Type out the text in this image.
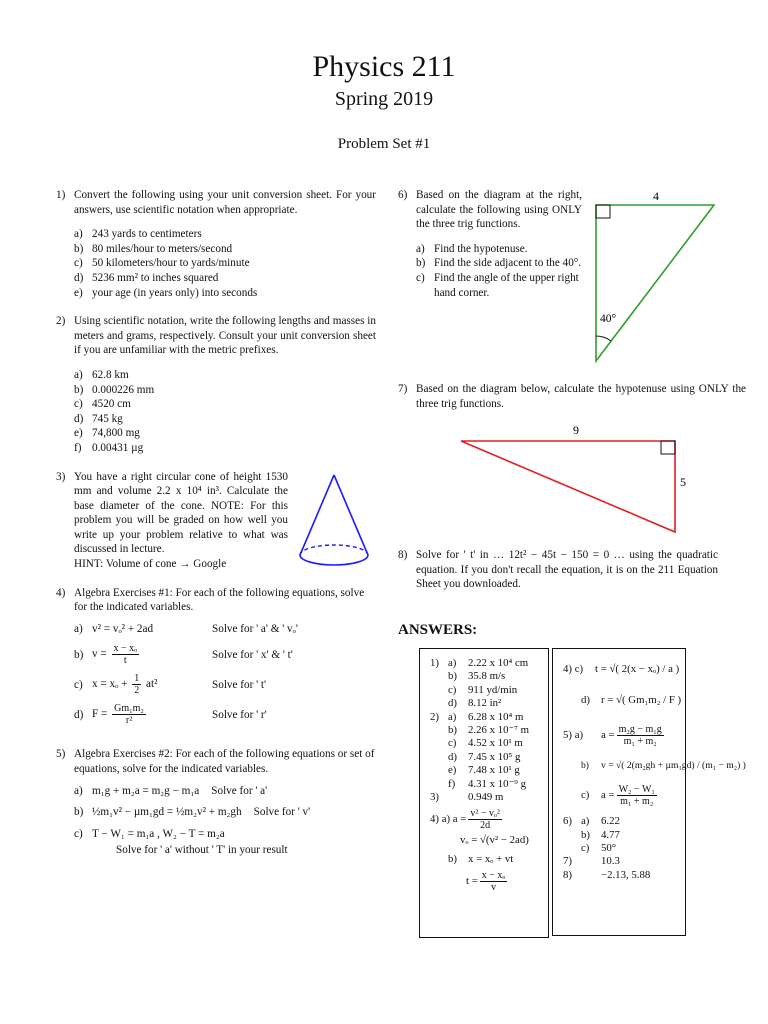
Physics 211
Spring 2019
Problem Set #1
1) Convert the following using your unit conversion sheet. For your answers, use scientific notation when appropriate.
a) 243 yards to centimeters
b) 80 miles/hour to meters/second
c) 50 kilometers/hour to yards/minute
d) 5236 mm² to inches squared
e) your age (in years only) into seconds
2) Using scientific notation, write the following lengths and masses in meters and grams, respectively. Consult your unit conversion sheet if you are unfamiliar with the metric prefixes.
a) 62.8 km
b) 0.000226 mm
c) 4520 cm
d) 745 kg
e) 74,800 mg
f) 0.00431 µg
3) You have a right circular cone of height 1530 mm and volume 2.2 x 10⁴ in³. Calculate the base diameter of the cone. NOTE: For this problem you will be graded on how well you write up your problem relative to what was discussed in lecture.
HINT: Volume of cone → Google
4) Algebra Exercises #1: For each of the following equations, solve for the indicated variables.
a) v² = vₒ² + 2ad	Solve for ' a' & ' vₒ'
b) $v = \frac{\text{x − xₒ}}{t}$	Solve for ' x' & ' t'
c) $x = x_o + \frac{1}{2} at^2$	Solve for ' t'
d) $F = \frac{\text{Gm₁m₂}}{\text{r²}}$	Solve for ' r'
5) Algebra Exercises #2: For each of the following equations or set of equations, solve for the indicated variables.
a) m₁g + m₂a = m₂g − m₁a Solve for ' a'
b) ½m₁v² − µm₁gd = ½m₂v² + m₂gh Solve for ' v'
c) T − W₁ = m₁a , W₂ − T = m₂a
Solve for ' a' without ' T' in your result
6) Based on the diagram at the right, calculate the following using ONLY the three trig functions.
a) Find the hypotenuse.
b) Find the side adjacent to the 40°.
c) Find the angle of the upper right hand corner.
4
40°
7) Based on the diagram below, calculate the hypotenuse using ONLY the three trig functions.
9
5
8) Solve for ' t' in … 12t² − 45t − 150 = 0 … using the quadratic equation. If you don't recall the equation, it is on the 211 Equation Sheet you downloaded.
ANSWERS:
1) a)	2.22 x 10⁴ cm
b)	35.8 m/s
c)	911 yd/min
d)	8.12 in²
2) a)	6.28 x 10⁴ m
b)	2.26 x 10⁻⁷ m
c)	4.52 x 10¹ m
d)	7.45 x 10⁵ g
e)	7.48 x 10¹ g
f)	4.31 x 10⁻⁹ g
3)	0.949 m
4) a) $a = \frac{\text{v² − vₒ²}}{2d}$
vₒ = √(v² − 2ad)
b)	x = xₒ + vt
$t = \frac{\text{x − xₒ}}{v}$
4) c)	t = √( 2(x − xₒ) / a )
d)	r = √( Gm₁m₂ / F )
5) a)	$a = \frac{\text{m₂g − m₁g}}{\text{m₁ + m₂}}$
b)	v = √( 2(m₂gh + µm₁gd) / (m₁ − m₂) )
c)	$a = \frac{\text{W₂ − W₁}}{\text{m₁ + m₂}}$
6) a)	6.22
b)	4.77
c)	50°
7)	10.3
8)	−2.13, 5.88
